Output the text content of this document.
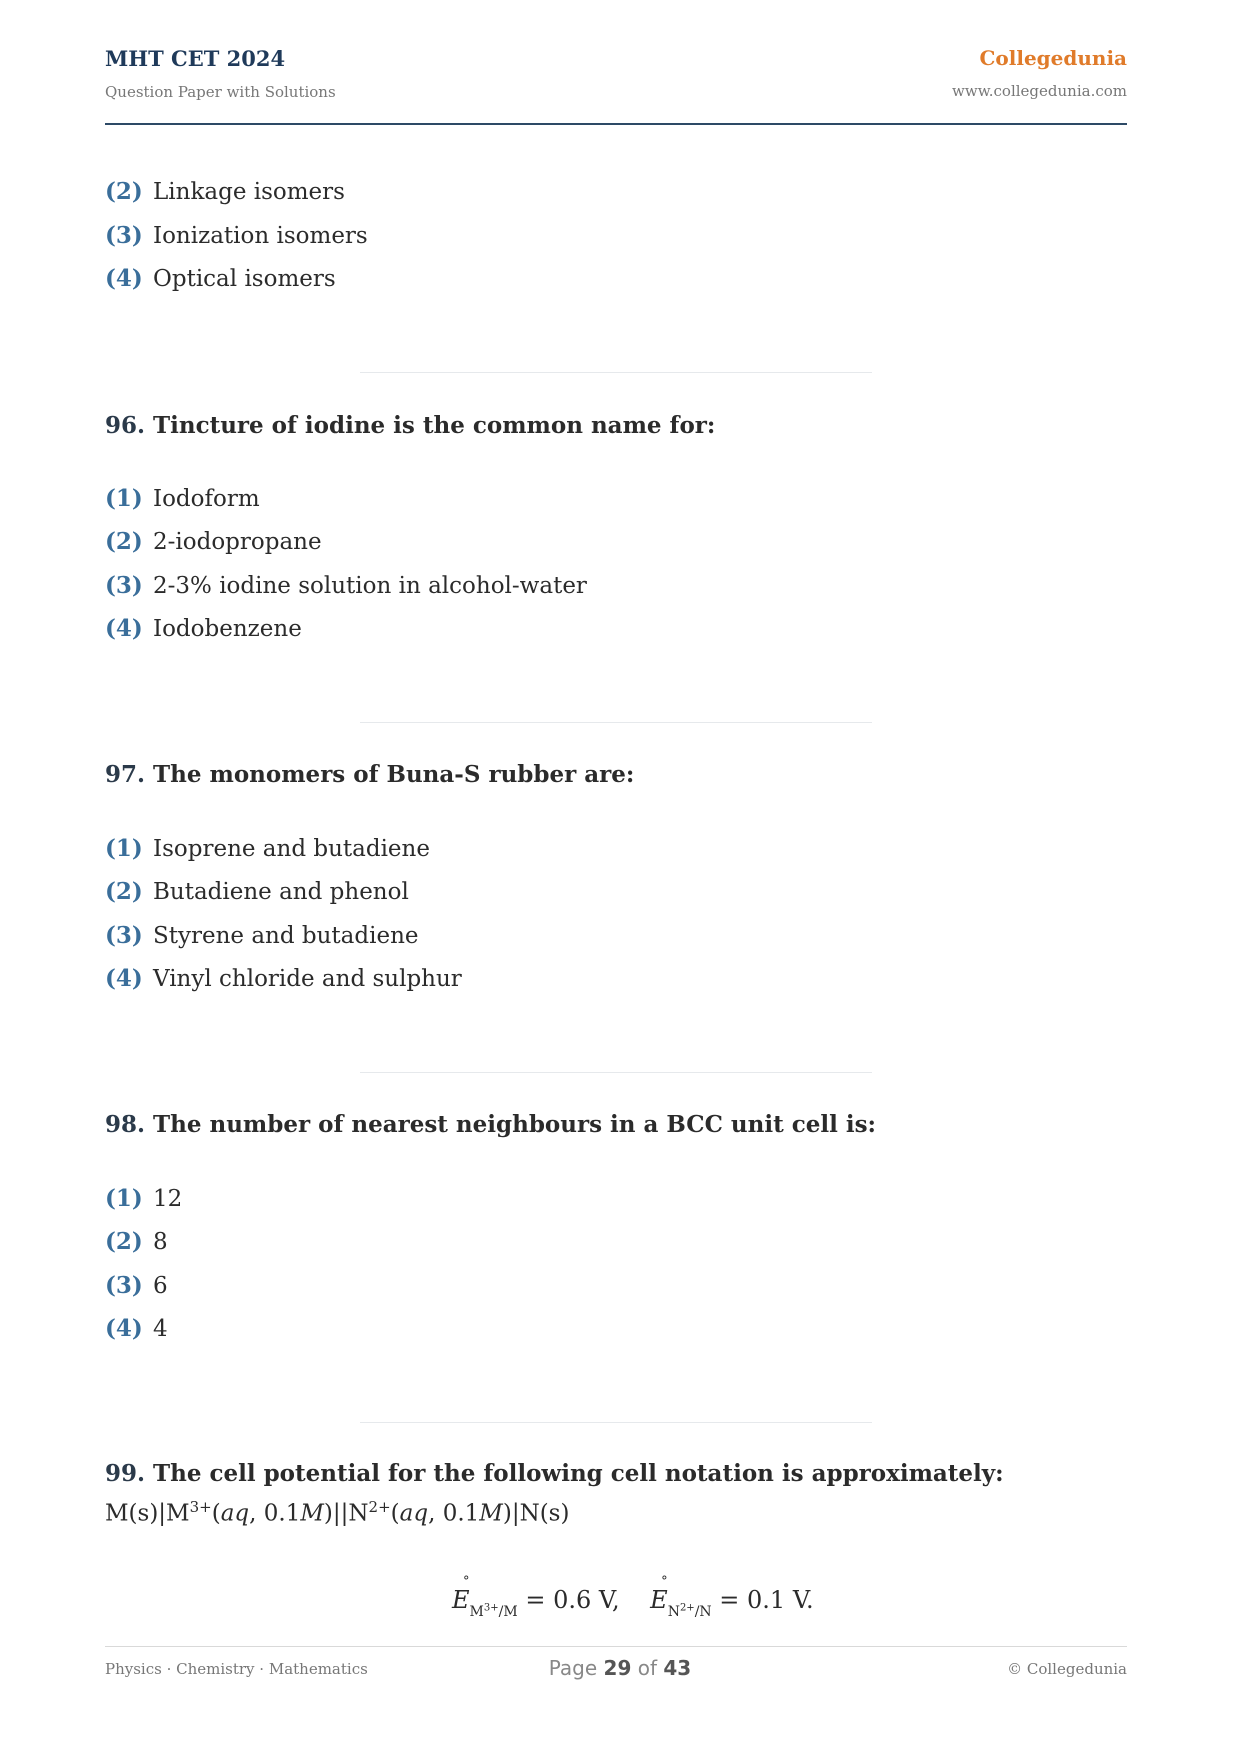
MHT CET 2024
Question Paper with Solutions
Collegedunia
www.collegedunia.com
(2) Linkage isomers
(3) Ionization isomers
(4) Optical isomers
96. Tincture of iodine is the common name for:
(1) Iodoform
(2) 2-iodopropane
(3) 2-3% iodine solution in alcohol-water
(4) Iodobenzene
97. The monomers of Buna-S rubber are:
(1) Isoprene and butadiene
(2) Butadiene and phenol
(3) Styrene and butadiene
(4) Vinyl chloride and sulphur
98. The number of nearest neighbours in a BCC unit cell is:
(1) 12
(2) 8
(3) 6
(4) 4
99. The cell potential for the following cell notation is approximately:
$M(s)|M^{3+}(aq$, $0.1M)||N^{2+}(aq$, 0.1M)|N(s)
E
°
$_{M^{3+}/M}$ = 0.6 V, E
°
$_{N^{2+}/N}$ = 0.1 V.
Physics · Chemistry · Mathematics	Page 29 of 43	© Collegedunia
